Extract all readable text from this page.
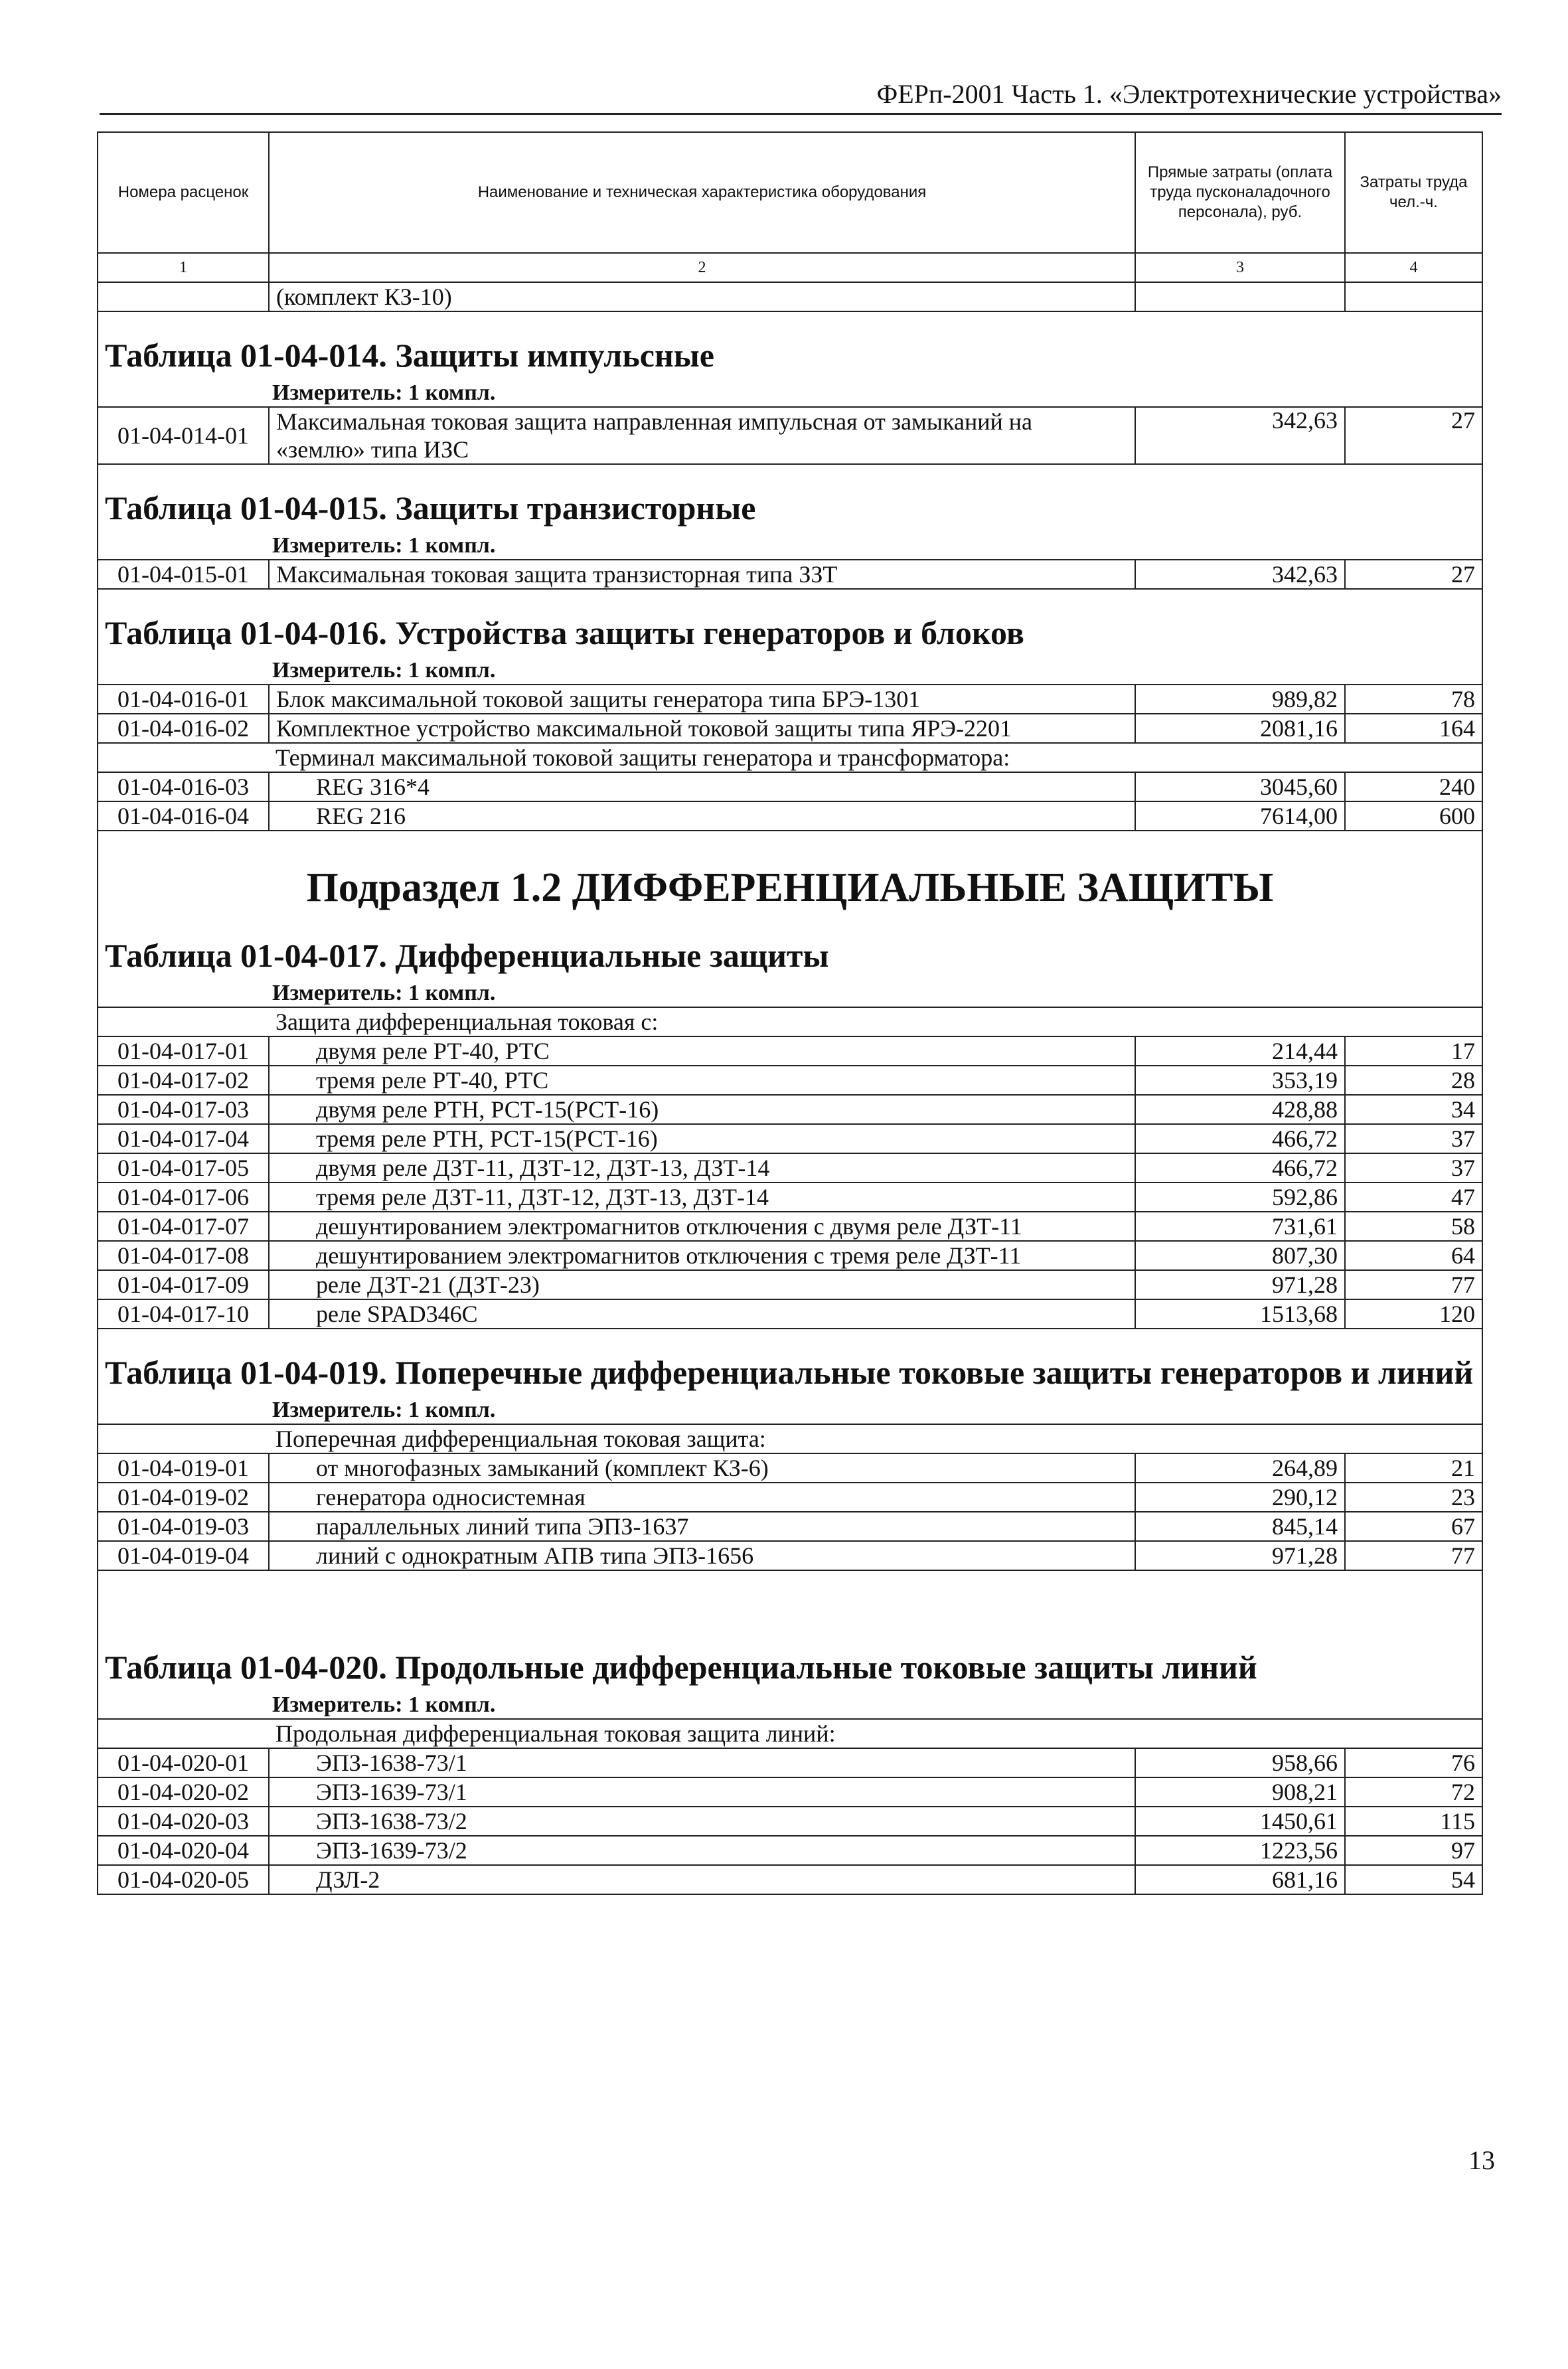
ФЕРп-2001 Часть 1. «Электротехнические устройства»
Номера расценок	Наименование и техническая характеристика оборудования	Прямые затраты (оплата труда пусконаладочного персонала), руб.	Затраты труда чел.-ч.
1	2	3	4
	(комплект КЗ-10)		
Таблица 01-04-014. Защиты импульсные			
Измеритель: 1 компл.			
01-04-014-01	Максимальная токовая защита направленная импульсная от замыканий на	342,63	27
	«землю» типа ИЗС		
Таблица 01-04-015. Защиты транзисторные			
Измеритель: 1 компл.			
01-04-015-01	Максимальная токовая защита транзисторная типа ЗЗТ	342,63	27
Таблица 01-04-016. Устройства защиты генераторов и блоков			
Измеритель: 1 компл.			
01-04-016-01	Блок максимальной токовой защиты генератора типа БРЭ-1301	989,82	78
01-04-016-02	Комплектное устройство максимальной токовой защиты типа ЯРЭ-2201	2081,16	164
	Терминал максимальной токовой защиты генератора и трансформатора:		
01-04-016-03	REG 316*4	3045,60	240
01-04-016-04	REG 216	7614,00	600
Подраздел 1.2 ДИФФЕРЕНЦИАЛЬНЫЕ ЗАЩИТЫ			
Таблица 01-04-017. Дифференциальные защиты			
Измеритель: 1 компл.			
	Защита дифференциальная токовая с:		
01-04-017-01	двумя реле РТ-40, РТС	214,44	17
01-04-017-02	тремя реле РТ-40, РТС	353,19	28
01-04-017-03	двумя реле РТН, РСТ-15(РСТ-16)	428,88	34
01-04-017-04	тремя реле РТН, РСТ-15(РСТ-16)	466,72	37
01-04-017-05	двумя реле ДЗТ-11, ДЗТ-12, ДЗТ-13, ДЗТ-14	466,72	37
01-04-017-06	тремя реле ДЗТ-11, ДЗТ-12, ДЗТ-13, ДЗТ-14	592,86	47
01-04-017-07	дешунтированием электромагнитов отключения с двумя реле ДЗТ-11	731,61	58
01-04-017-08	дешунтированием электромагнитов отключения с тремя реле ДЗТ-11	807,30	64
01-04-017-09	реле ДЗТ-21 (ДЗТ-23)	971,28	77
01-04-017-10	реле SPAD346C	1513,68	120
Таблица 01-04-019. Поперечные дифференциальные токовые защиты генераторов и линий			
Измеритель: 1 компл.			
	Поперечная дифференциальная токовая защита:		
01-04-019-01	от многофазных замыканий (комплект КЗ-6)	264,89	21
01-04-019-02	генератора односистемная	290,12	23
01-04-019-03	параллельных линий типа ЭПЗ-1637	845,14	67
01-04-019-04	линий с однократным АПВ типа ЭПЗ-1656	971,28	77

Таблица 01-04-020. Продольные дифференциальные токовые защиты линий			
Измеритель: 1 компл.			
	Продольная дифференциальная токовая защита линий:		
01-04-020-01	ЭПЗ-1638-73/1	958,66	76
01-04-020-02	ЭПЗ-1639-73/1	908,21	72
01-04-020-03	ЭПЗ-1638-73/2	1450,61	115
01-04-020-04	ЭПЗ-1639-73/2	1223,56	97
01-04-020-05	ДЗЛ-2	681,16	54
13
